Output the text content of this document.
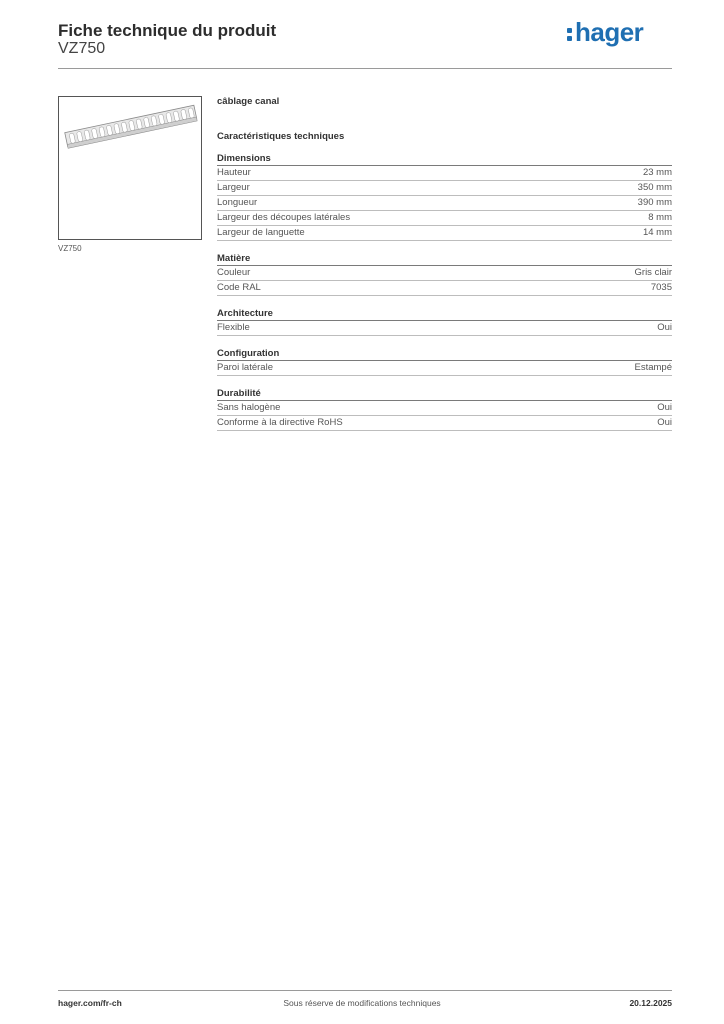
Fiche technique du produit
VZ750
hager
VZ750
câblage canal
Caractéristiques techniques
Dimensions
Hauteur	23 mm
Largeur	350 mm
Longueur	390 mm
Largeur des découpes latérales	8 mm
Largeur de languette	14 mm
Matière
Couleur	Gris clair
Code RAL	7035
Architecture
Flexible	Oui
Configuration
Paroi latérale	Estampé
Durabilité
Sans halogène	Oui
Conforme à la directive RoHS	Oui
hager.com/fr-ch	Sous réserve de modifications techniques	20.12.2025
